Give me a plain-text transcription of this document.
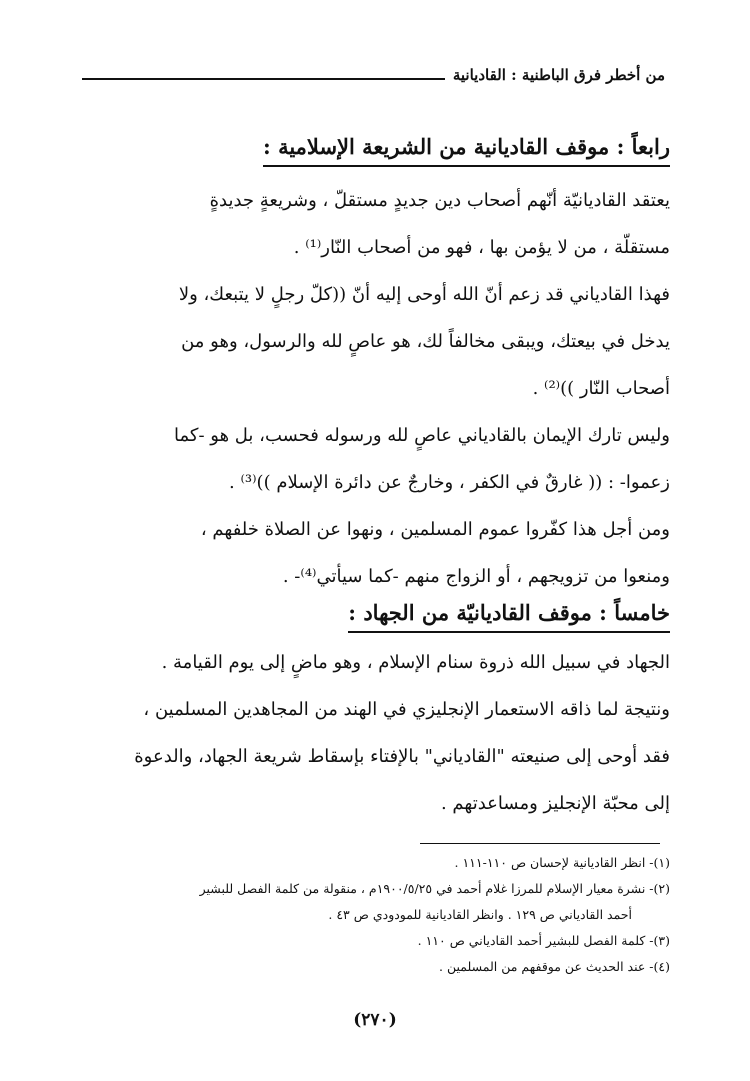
من أخطر فرق الباطنية : القاديانية
رابعاً : موقف القاديانية من الشريعة الإسلامية :

يعتقد القاديانيّة أنّهم أصحاب دين جديدٍ مستقلّ ، وشريعةٍ جديدةٍ
مستقلّة ، من لا يؤمن بها ، فهو من أصحاب النّار⁽¹⁾ .

فهذا القادياني قد زعم أنّ الله أوحى إليه أنّ ((كلّ رجلٍ لا يتبعك، ولا
يدخل في بيعتك، ويبقى مخالفاً لك، هو عاصٍ لله والرسول، وهو من
أصحاب النّار ))⁽²⁾ .

وليس تارك الإيمان بالقادياني عاصٍ لله ورسوله فحسب، بل هو -كما
زعموا- : (( غارقٌ في الكفر ، وخارجٌ عن دائرة الإسلام ))⁽³⁾ .

ومن أجل هذا كفّروا عموم المسلمين ، ونهوا عن الصلاة خلفهم ،
ومنعوا من تزويجهم ، أو الزواج منهم -كما سيأتي⁽⁴⁾- .

خامساً : موقف القاديانيّة من الجهاد :

الجهاد في سبيل الله ذروة سنام الإسلام ، وهو ماضٍ إلى يوم القيامة .

ونتيجة لما ذاقه الاستعمار الإنجليزي في الهند من المجاهدين المسلمين ،
فقد أوحى إلى صنيعته "القادياني" بالإفتاء بإسقاط شريعة الجهاد، والدعوة
إلى محبّة الإنجليز ومساعدتهم .

(١)- انظر القاديانية لإحسان ص ١١٠-١١١ .

(٢)- نشرة معيار الإسلام للمرزا غلام أحمد في ١٩٠٠/٥/٢٥م ، منقولة من كلمة الفصل للبشير
أحمد القادياني ص ١٢٩ . وانظر القاديانية للمودودي ص ٤٣ .

(٣)- كلمة الفصل للبشير أحمد القادياني ص ١١٠ .

(٤)- عند الحديث عن موقفهم من المسلمين .

(٢٧٠)
